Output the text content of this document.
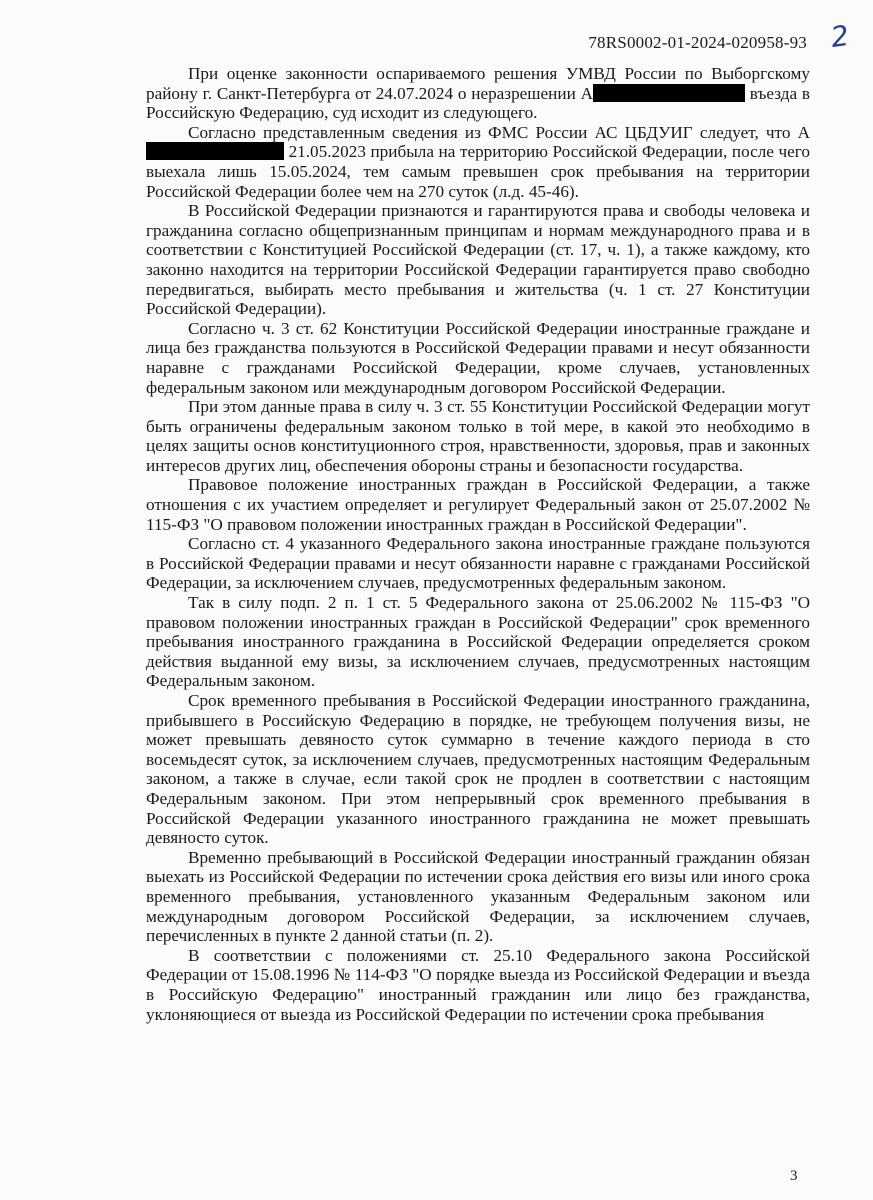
78RS0002-01-2024-020958-93 2

При оценке законности оспариваемого решения УМВД России по Выборгскому району г. Санкт-Петербурга от 24.07.2024 о неразрешении А	въезда в Российскую Федерацию, суд исходит из следующего.

Согласно представленным сведения из ФМС России АС ЦБДУИГ следует, что А 21.05.2023 прибыла на территорию Российской Федерации, после чего выехала лишь 15.05.2024, тем самым превышен срок пребывания на территории Российской Федерации более чем на 270 суток (л.д. 45-46).

В Российской Федерации признаются и гарантируются права и свободы человека и гражданина согласно общепризнанным принципам и нормам международного права и в соответствии с Конституцией Российской Федерации (ст. 17, ч. 1), а также каждому, кто законно находится на территории Российской Федерации гарантируется право свободно передвигаться, выбирать место пребывания и жительства (ч. 1 ст. 27 Конституции Российской Федерации).

Согласно ч. 3 ст. 62 Конституции Российской Федерации иностранные граждане и лица без гражданства пользуются в Российской Федерации правами и несут обязанности наравне с гражданами Российской Федерации, кроме случаев, установленных федеральным законом или международным договором Российской Федерации.

При этом данные права в силу ч. 3 ст. 55 Конституции Российской Федерации могут быть ограничены федеральным законом только в той мере, в какой это необходимо в целях защиты основ конституционного строя, нравственности, здоровья, прав и законных интересов других лиц, обеспечения обороны страны и безопасности государства.

Правовое положение иностранных граждан в Российской Федерации, а также отношения с их участием определяет и регулирует Федеральный закон от 25.07.2002 № 115-ФЗ "О правовом положении иностранных граждан в Российской Федерации".

Согласно ст. 4 указанного Федерального закона иностранные граждане пользуются в Российской Федерации правами и несут обязанности наравне с гражданами Российской Федерации, за исключением случаев, предусмотренных федеральным законом.

Так в силу подп. 2 п. 1 ст. 5 Федерального закона от 25.06.2002 № 115-ФЗ "О правовом положении иностранных граждан в Российской Федерации" срок временного пребывания иностранного гражданина в Российской Федерации определяется сроком действия выданной ему визы, за исключением случаев, предусмотренных настоящим Федеральным законом.

Срок временного пребывания в Российской Федерации иностранного гражданина, прибывшего в Российскую Федерацию в порядке, не требующем получения визы, не может превышать девяносто суток суммарно в течение каждого периода в сто восемьдесят суток, за исключением случаев, предусмотренных настоящим Федеральным законом, а также в случае, если такой срок не продлен в соответствии с настоящим Федеральным законом. При этом непрерывный срок временного пребывания в Российской Федерации указанного иностранного гражданина не может превышать девяносто суток.

Временно пребывающий в Российской Федерации иностранный гражданин обязан выехать из Российской Федерации по истечении срока действия его визы или иного срока временного пребывания, установленного указанным Федеральным законом или международным договором Российской Федерации, за исключением случаев, перечисленных в пункте 2 данной статьи (п. 2).

В соответствии с положениями ст. 25.10 Федерального закона Российской Федерации от 15.08.1996 № 114-ФЗ "О порядке выезда из Российской Федерации и въезда в Российскую Федерацию" иностранный гражданин или лицо без гражданства, уклоняющиеся от выезда из Российской Федерации по истечении срока пребывания

3
